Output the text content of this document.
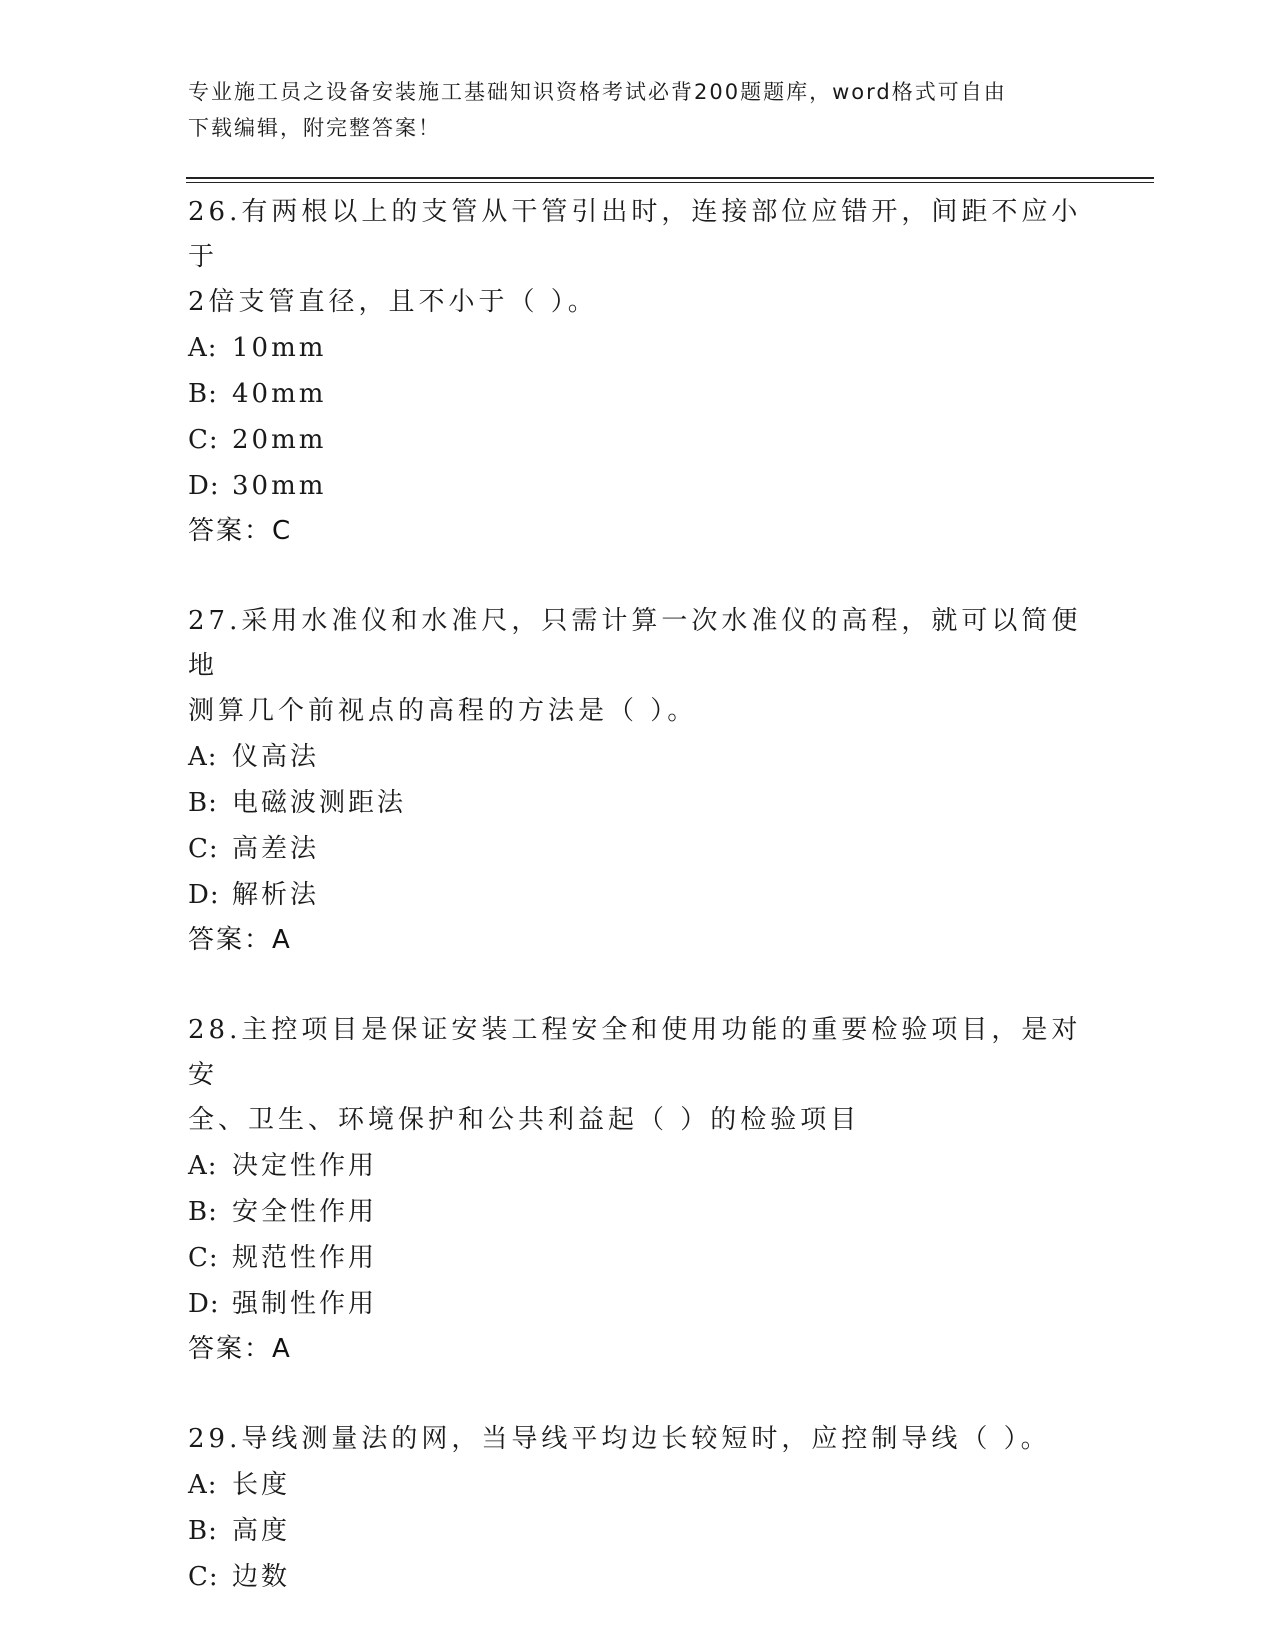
专业施工员之设备安装施工基础知识资格考试必背200题题库，word格式可自由
下载编辑，附完整答案！

26.有两根以上的支管从干管引出时，连接部位应错开，间距不应小于
2倍支管直径，且不小于（ ）。

A: 10mm

B: 40mm

C: 20mm

D: 30mm

答案：C

27.采用水准仪和水准尺，只需计算一次水准仪的高程，就可以简便地
测算几个前视点的高程的方法是（ ）。

A: 仪高法

B: 电磁波测距法

C: 高差法

D: 解析法

答案：A

28.主控项目是保证安装工程安全和使用功能的重要检验项目，是对安
全、卫生、环境保护和公共利益起（ ）的检验项目

A: 决定性作用

B: 安全性作用

C: 规范性作用

D: 强制性作用

答案：A

29.导线测量法的网，当导线平均边长较短时，应控制导线（ ）。

A: 长度

B: 高度

C: 边数
